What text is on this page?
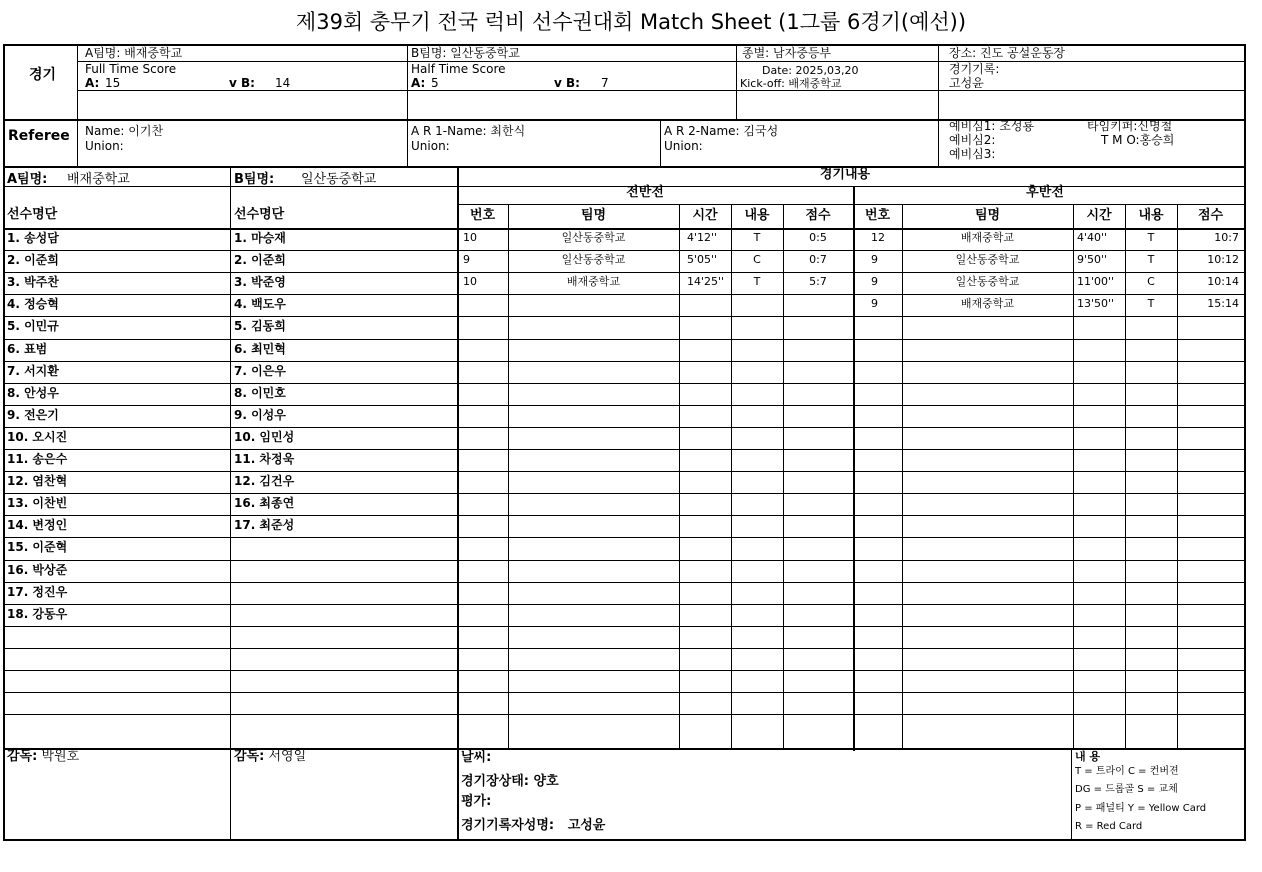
제39회 충무기 전국 럭비 선수권대회 Match Sheet (1그룹 6경기(예선))
경기
A팀명: 배재중학교	B팀명: 일산동중학교	종별: 남자중등부	장소: 진도 공설운동장
Full Time Score
A: 15	v B: 14
Half Time Score
A: 5	v B: 7
Date: 2025,03,20
Kick-off: 배재중학교
경기기록:
고성윤
Referee Name: 이기찬
Union:
A R 1-Name: 최한식
Union:
A R 2-Name: 김국성
Union:
예비심1: 조성룡
예비심2:
예비심3:
타임키퍼:신명철
T M O:홍승희
A팀명: 배재중학교	B팀명: 일산동중학교	경기내용
전반전	후반전
선수명단	선수명단	번호	팀명	시간	내용	점수	번호	팀명	시간	내용	점수
1. 송성담
2. 이준희
3. 박주찬
4. 정승혁
5. 이민규
6. 표범
7. 서지환
8. 안성우
9. 전은기
10. 오시진
11. 송은수
12. 염찬혁
13. 이찬빈
14. 변정인
15. 이준혁
16. 박상준
17. 정진우
18. 강동우
1. 마승재
2. 이준희
3. 박준영
4. 백도우
5. 김동희
6. 최민혁
7. 이은우
8. 이민호
9. 이성우
10. 임민성
11. 차정욱
12. 김건우
16. 최종연
17. 최준성
10	일산동중학교	4'12''	T	0:5
9	일산동중학교	5'05''	C	0:7
10	배재중학교	14'25''	T	5:7
12	배재중학교	4'40''	T	10:7
9	일산동중학교	9'50''	T	10:12
9	일산동중학교	11'00''	C	10:14
9	배재중학교	13'50''	T	15:14
감독: 박원호	감독: 서영일	날씨:
경기장상태: 양호
평가:
경기기록자성명: 고성윤
내 용
T = 트라이 C = 컨버젼
DG = 드롭골 S = 교체
P = 패널티 Y = Yellow Card
R = Red Card
